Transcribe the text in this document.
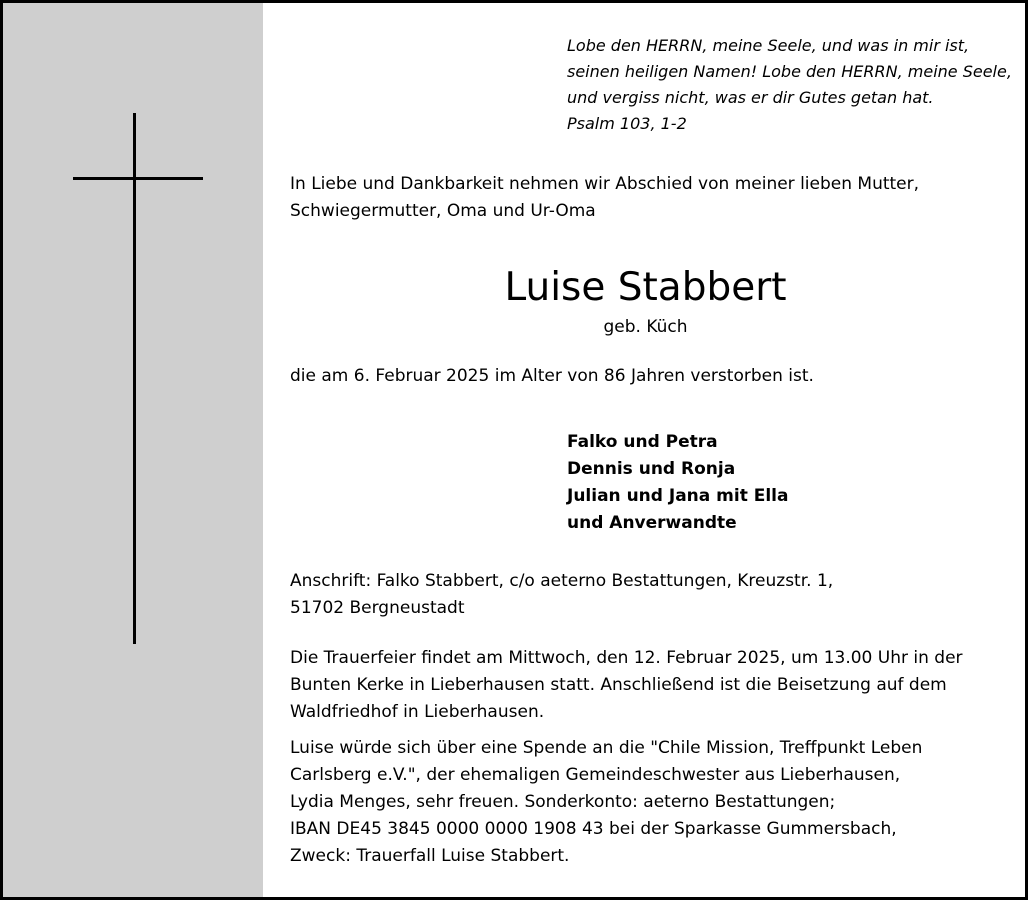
Lobe den HERRN, meine Seele, und was in mir ist,
seinen heiligen Namen! Lobe den HERRN, meine Seele,
und vergiss nicht, was er dir Gutes getan hat.
Psalm 103, 1-2
In Liebe und Dankbarkeit nehmen wir Abschied von meiner lieben Mutter,
Schwiegermutter, Oma und Ur-Oma
Luise Stabbert
geb. Küch
die am 6. Februar 2025 im Alter von 86 Jahren verstorben ist.
Falko und Petra
Dennis und Ronja
Julian und Jana mit Ella
und Anverwandte
Anschrift: Falko Stabbert, c/o aeterno Bestattungen, Kreuzstr. 1,
51702 Bergneustadt
Die Trauerfeier findet am Mittwoch, den 12. Februar 2025, um 13.00 Uhr in der
Bunten Kerke in Lieberhausen statt. Anschließend ist die Beisetzung auf dem
Waldfriedhof in Lieberhausen.
Luise würde sich über eine Spende an die "Chile Mission, Treffpunkt Leben
Carlsberg e.V.", der ehemaligen Gemeindeschwester aus Lieberhausen,
Lydia Menges, sehr freuen. Sonderkonto: aeterno Bestattungen;
IBAN DE45 3845 0000 0000 1908 43 bei der Sparkasse Gummersbach,
Zweck: Trauerfall Luise Stabbert.
